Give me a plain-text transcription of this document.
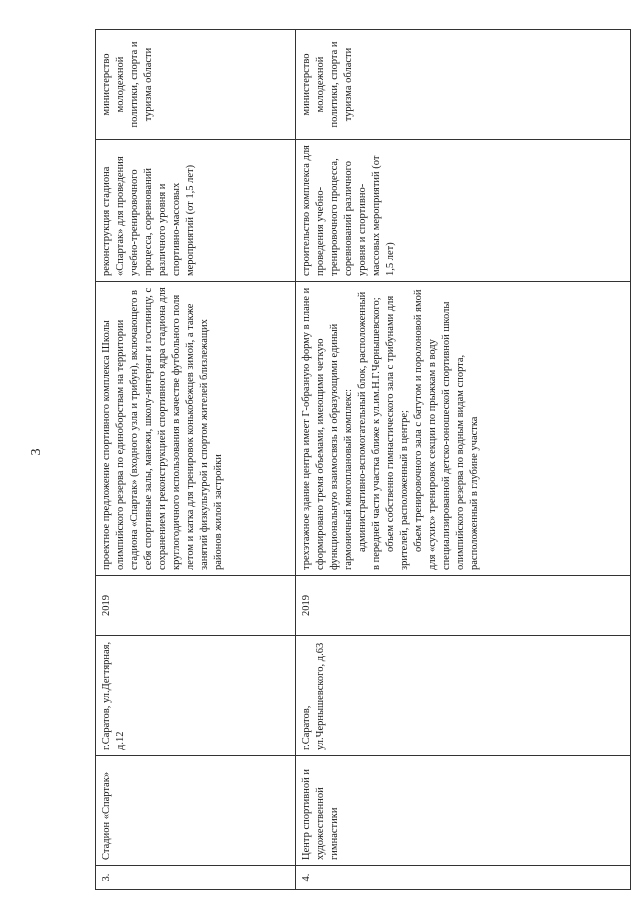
3
3.	Стадион «Спартак»	г.Саратов, ул.Дегтярная, д.12	2019	проектное предложение спортивного комплекса Школы олимпийского резерва по единоборствам на территории стадиона «Спартак» (входного узла и трибун), включающего в себя спортивные залы, манежи, школу-интернат и гостиницу, с сохранением и реконструкцией спортивного ядра стадиона для круглогодичного использования в качестве футбольного поля летом и катка для тренировок конькобежцев зимой, а также занятий физкультурой и спортом жителей близлежащих районов жилой застройки	реконструкция стадиона «Спартак» для проведения учебно-тренировочного процесса, соревнований различного уровня и спортивно-массовых мероприятий (от 1,5 лет)	министерство молодежной политики, спорта и туризма области
4.	Центр спортивной и художественной гимнастики	г.Саратов, ул.Чернышевского, д.63	2019	трехэтажное здание центра имеет Г-образную форму в плане и сформировано тремя объемами, имеющими четкую функциональную взаимосвязь и образующими единый гармоничный многоплановый комплекс: административно-вспомогательный блок, расположенный в передней части участка ближе к ул.им.Н.Г.Чернышевского; объем собственно гимнастического зала с трибунами для зрителей, расположенный в центре; объем тренировочного зала с батутом и поролоновой ямой для «сухих» тренировок секции по прыжкам в воду специализированной детско-юношеской спортивной школы олимпийского резерва по водным видам спорта, расположенный в глубине участка	строительство комплекса для проведения учебно-тренировочного процесса, соревнований различного уровня и спортивно-массовых мероприятий (от 1,5 лет)	министерство молодежной политики, спорта и туризма области
